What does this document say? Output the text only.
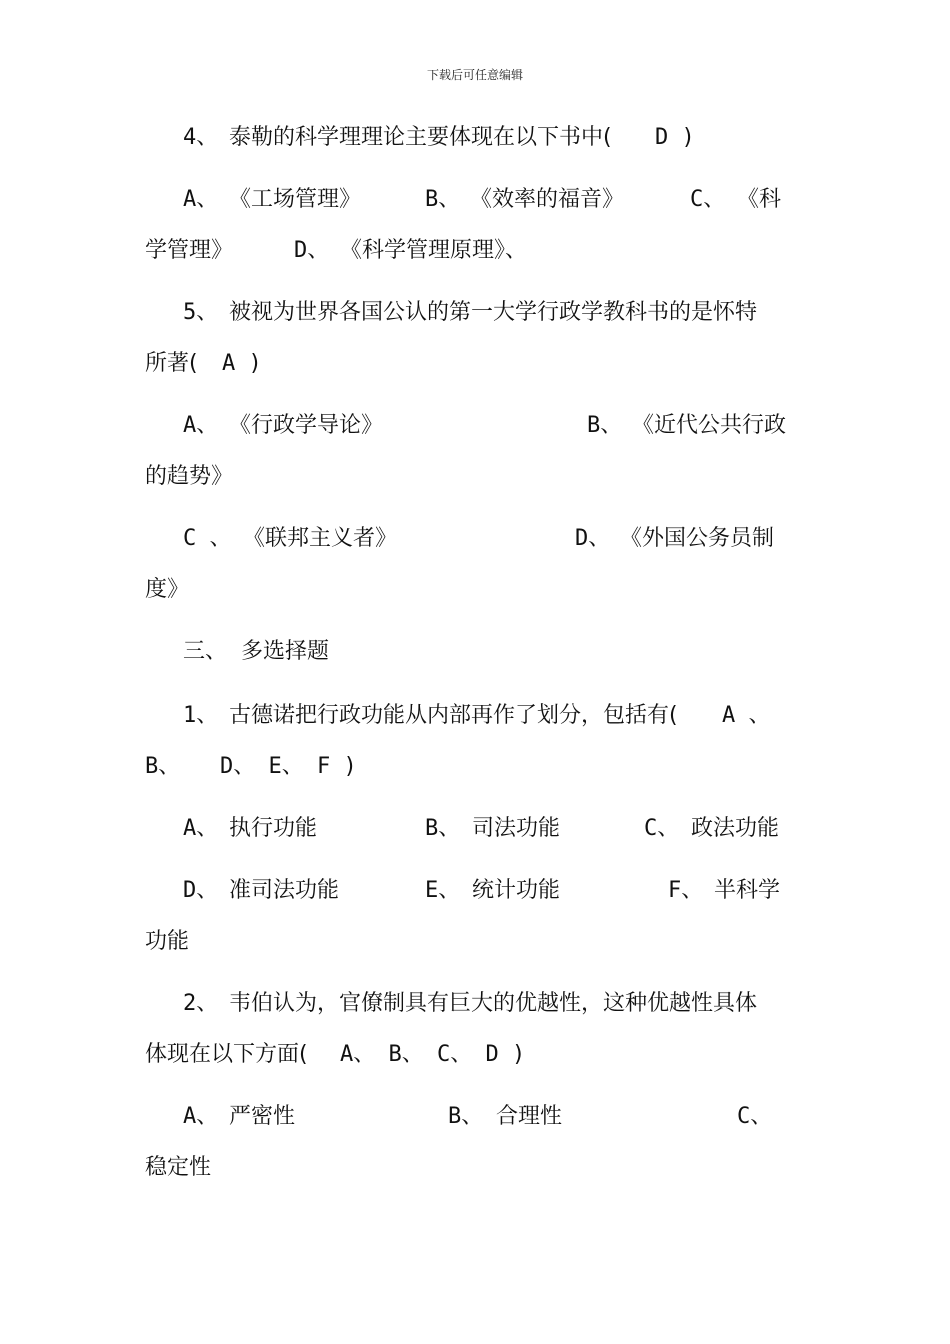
下载后可任意编辑
4、 泰勒的科学理理论主要体现在以下书中( D )
A、 《工场管理》	B、 《效率的福音》	C、 《科
学管理》	D、 《科学管理原理》、
5、 被视为世界各国公认的第一大学行政学教科书的是怀特
所著( A )
A、 《行政学导论》	B、 《近代公共行政
的趋势》
C 、 《联邦主义者》	D、 《外国公务员制
度》
三、  多选择题
1、 古德诺把行政功能从内部再作了划分，包括有( A 、
B、   D、 E、 F )
A、 执行功能	B、 司法功能	C、 政法功能
D、 准司法功能	E、 统计功能	F、 半科学
功能
2、 韦伯认为，官僚制具有巨大的优越性，这种优越性具体
体现在以下方面( A、 B、 C、 D )
A、 严密性	B、 合理性	C、
稳定性
